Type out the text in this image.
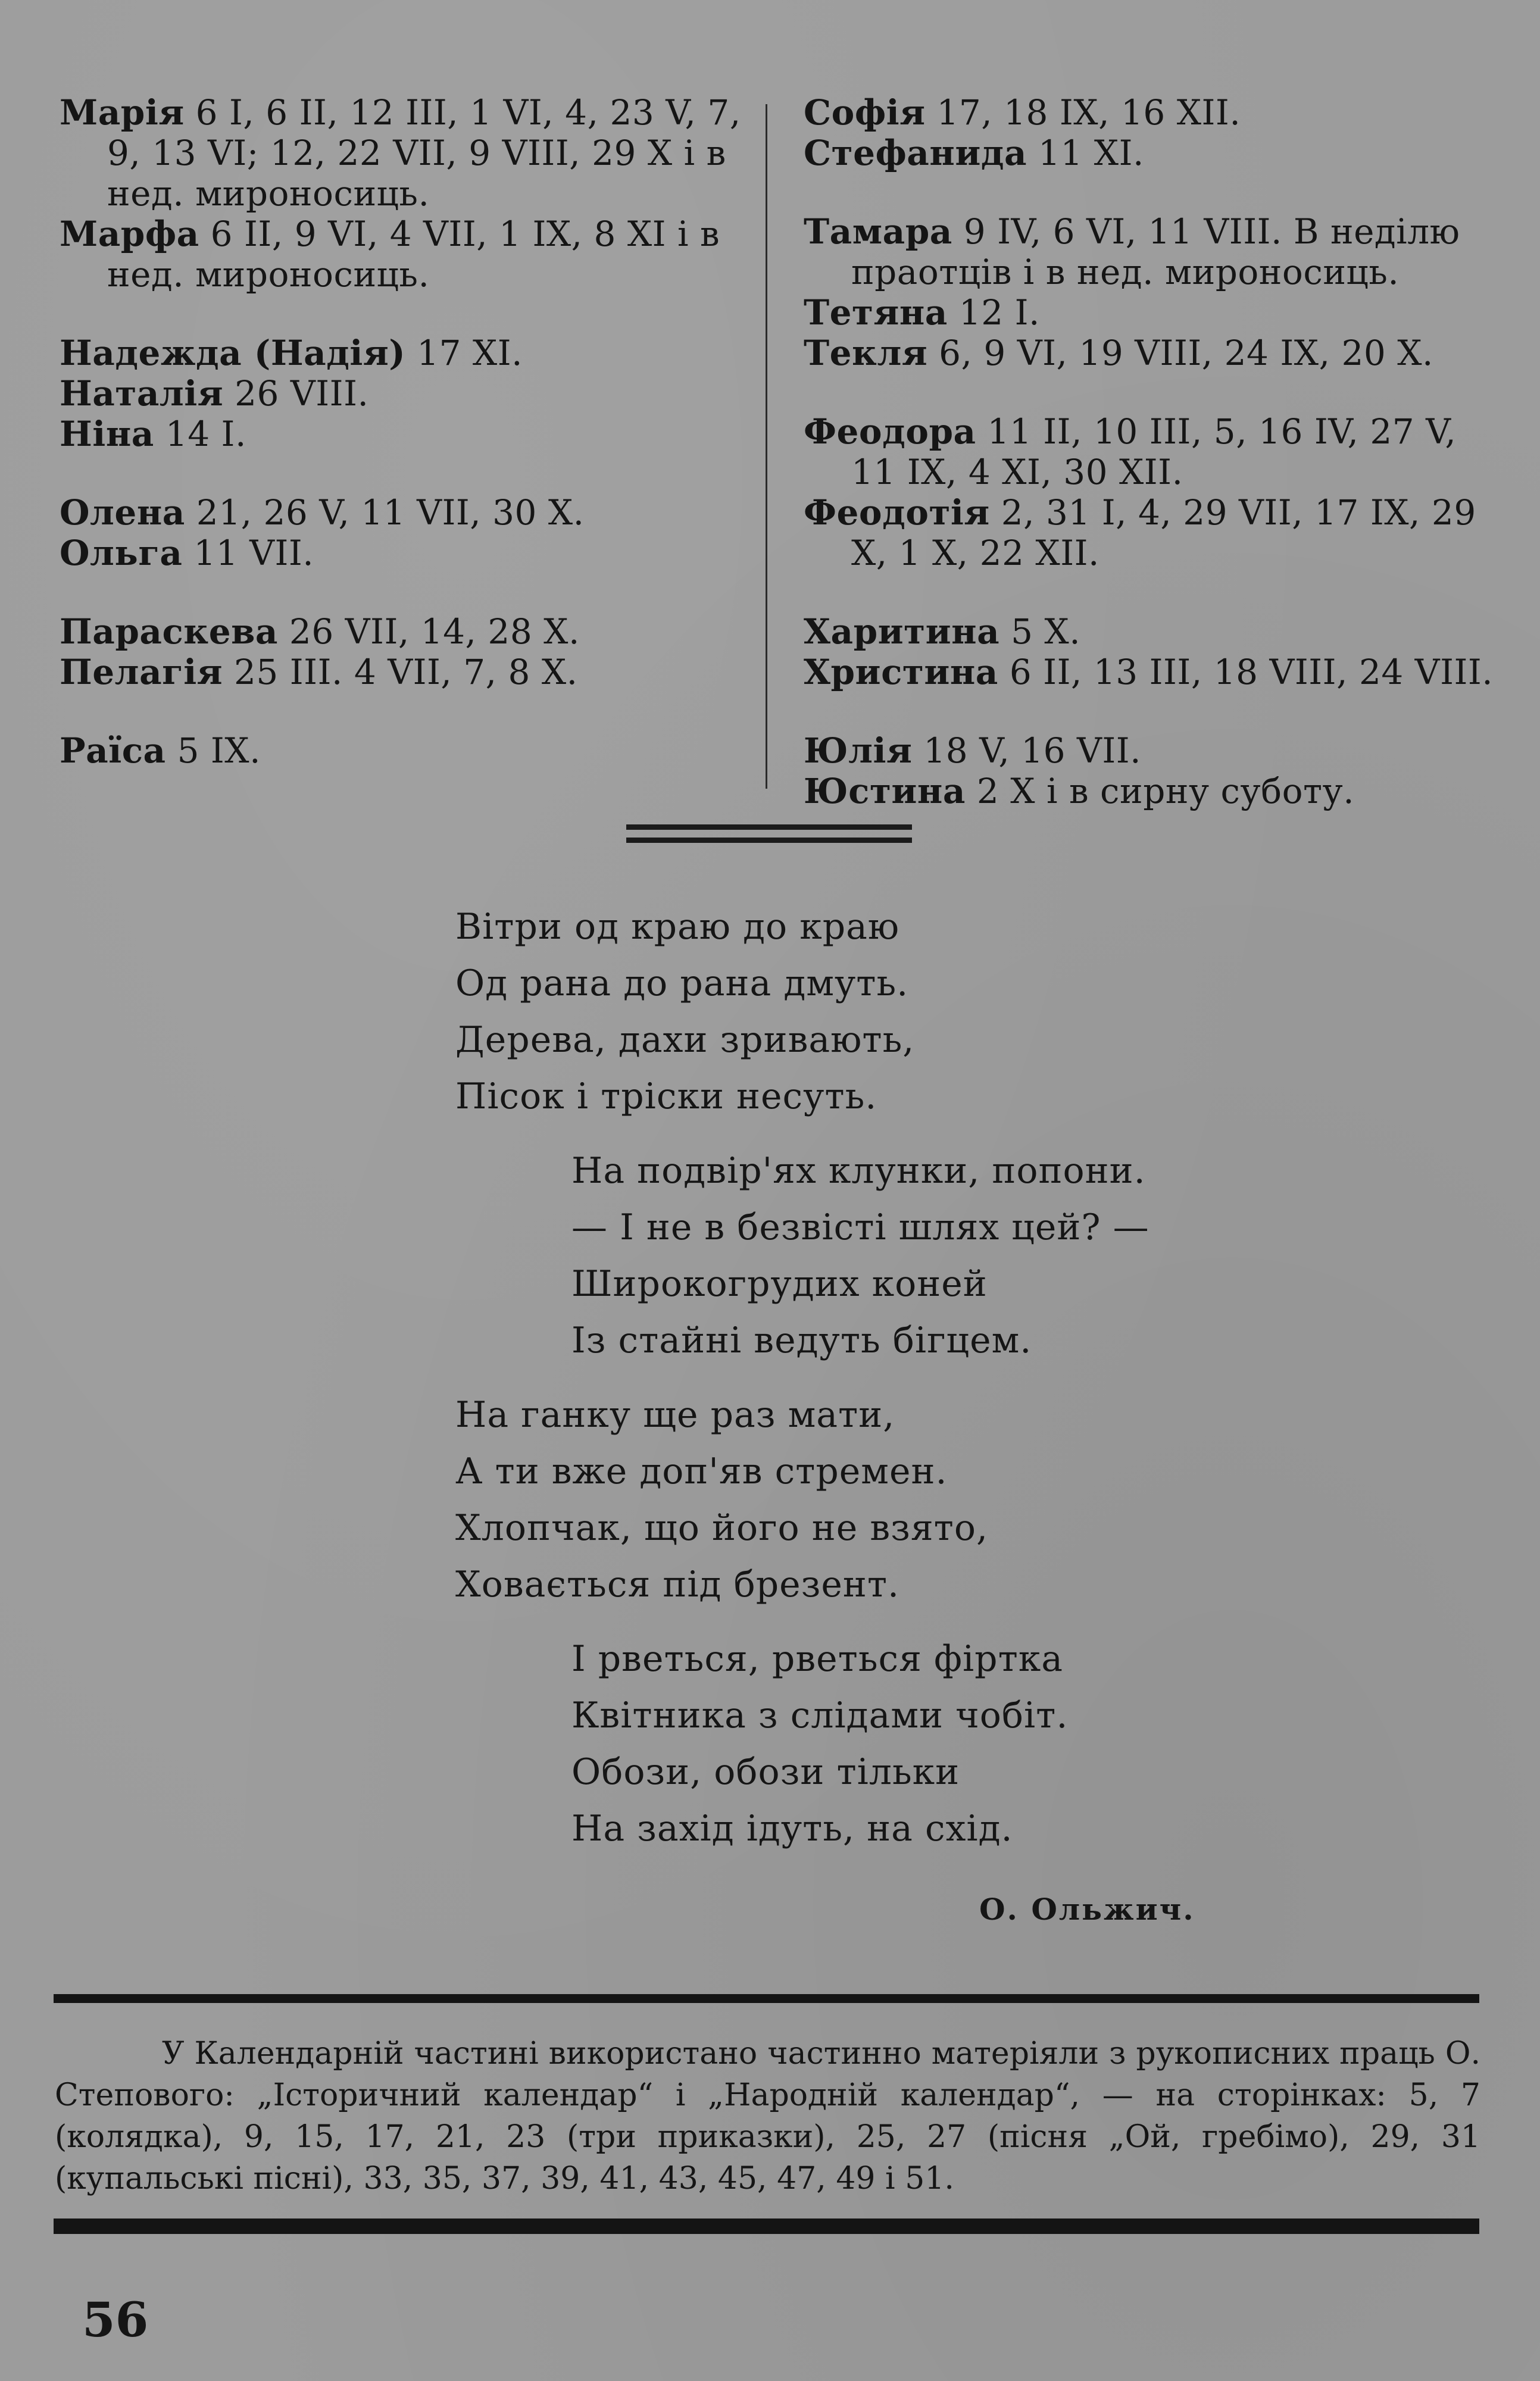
Марія 6 I, 6 II, 12 III, 1 VI, 4, 23 V, 7, 9, 13 VI; 12, 22 VII, 9 VIII, 29 X і в нед. мироносиць.

Марфа 6 II, 9 VI, 4 VII, 1 IX, 8 XI і в нед. мироносиць.

Надежда (Надія) 17 XI.

Наталія 26 VIII.

Ніна 14 I.

Олена 21, 26 V, 11 VII, 30 X.

Ольга 11 VII.

Параскева 26 VII, 14, 28 X.

Пелагія 25 III. 4 VII, 7, 8 X.

Раїса 5 IX.

Софія 17, 18 IX, 16 XII.

Стефанида 11 XI.

Тамара 9 IV, 6 VI, 11 VIII. В неділю праотців і в нед. мироносиць.

Тетяна 12 I.

Текля 6, 9 VI, 19 VIII, 24 IX, 20 X.

Феодора 11 II, 10 III, 5, 16 IV, 27 V, 11 IX, 4 XI, 30 XII.

Феодотія 2, 31 I, 4, 29 VII, 17 IX, 29 X, 1 X, 22 XII.

Харитина 5 X.

Христина 6 II, 13 III, 18 VIII, 24 VIII.

Юлія 18 V, 16 VII.

Юстина 2 X і в сирну суботу.

Вітри од краю до краю

Од рана до рана дмуть.

Дерева, дахи зривають,

Пісок і тріски несуть.

На подвір'ях клунки, попони.

— І не в безвісті шлях цей? —

Широкогрудих коней

Із стайні ведуть бігцем.

На ганку ще раз мати,

А ти вже доп'яв стремен.

Хлопчак, що його не взято,

Ховається під брезент.

І рветься, рветься фіртка

Квітника з слідами чобіт.

Обози, обози тільки

На захід ідуть, на схід.

О. Ольжич.

У Календарній частині використано частинно матеріяли з рукописних праць О. Степового: „Історичний календар“ і „Народній календар“, — на сторінках: 5, 7 (колядка), 9, 15, 17, 21, 23 (три приказки), 25, 27 (пісня „Ой, гребімо), 29, 31 (купальські пісні), 33, 35, 37, 39, 41, 43, 45, 47, 49 і 51.

56
